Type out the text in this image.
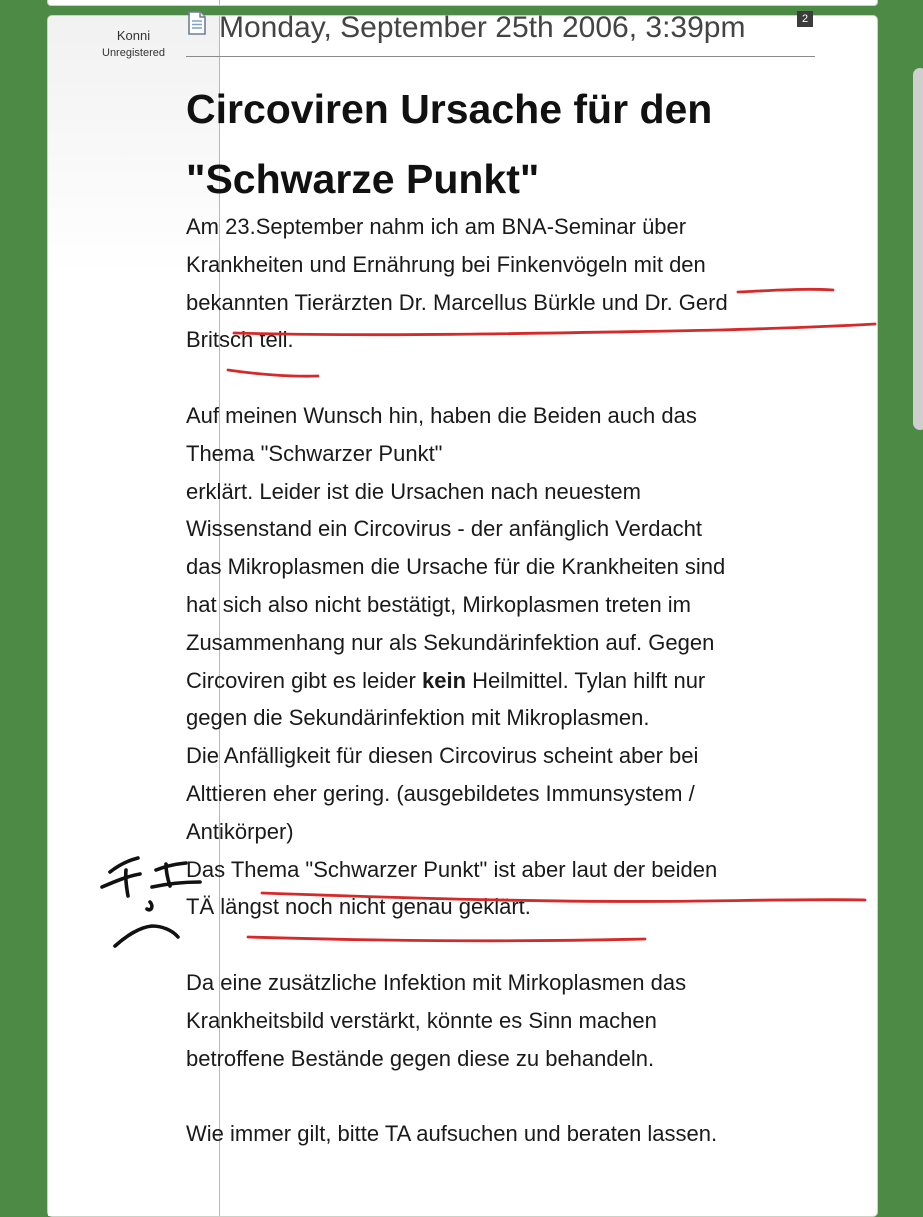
Konni
Unregistered
Monday, September 25th 2006, 3:39pm	2
Circoviren Ursache für den "Schwarze Punkt"

Am 23.September nahm ich am BNA-Seminar über
Krankheiten und Ernährung bei Finkenvögeln mit den
bekannten Tierärzten Dr. Marcellus Bürkle und Dr. Gerd
Britsch teil.

Auf meinen Wunsch hin, haben die Beiden auch das
Thema "Schwarzer Punkt"
erklärt. Leider ist die Ursachen nach neuestem
Wissenstand ein Circovirus - der anfänglich Verdacht
das Mikroplasmen die Ursache für die Krankheiten sind
hat sich also nicht bestätigt, Mirkoplasmen treten im
Zusammenhang nur als Sekundärinfektion auf. Gegen
Circoviren gibt es leider kein Heilmittel. Tylan hilft nur
gegen die Sekundärinfektion mit Mikroplasmen.
Die Anfälligkeit für diesen Circovirus scheint aber bei
Alttieren eher gering. (ausgebildetes Immunsystem /
Antikörper)
Das Thema "Schwarzer Punkt" ist aber laut der beiden
TÄ längst noch nicht genau geklärt.

Da eine zusätzliche Infektion mit Mirkoplasmen das
Krankheitsbild verstärkt, könnte es Sinn machen
betroffene Bestände gegen diese zu behandeln.

Wie immer gilt, bitte TA aufsuchen und beraten lassen.
